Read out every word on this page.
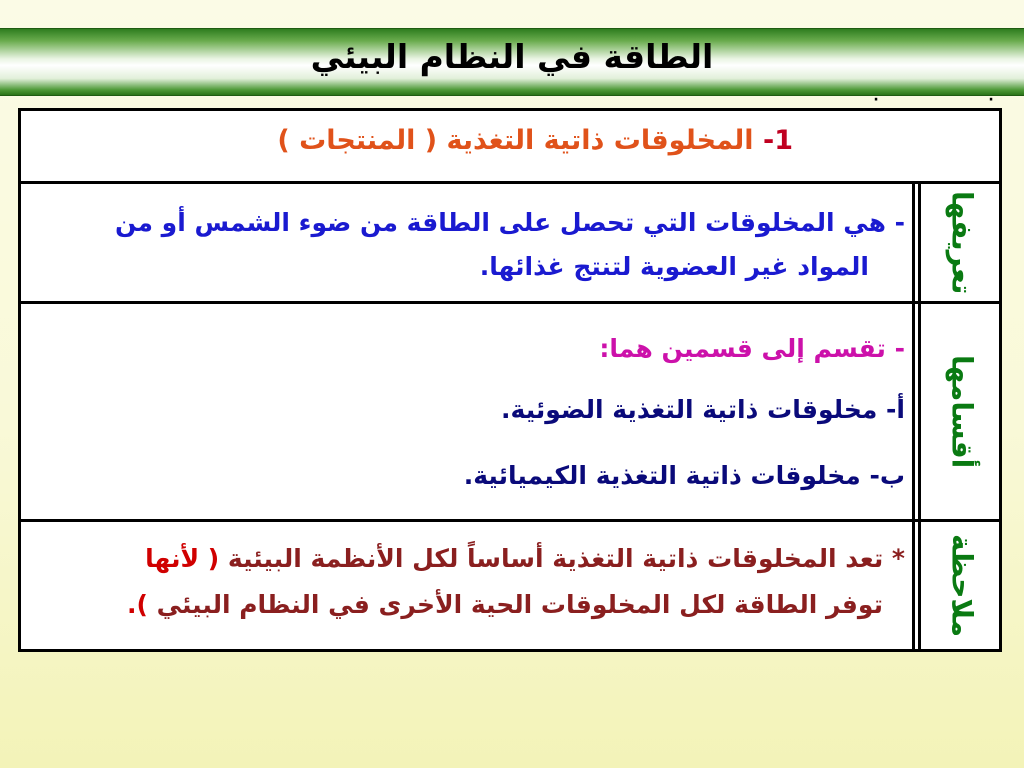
الطاقة في النظام البيئي
·	·

1- المخلوقات ذاتية التغذية ( المنتجات )
تعريفها
- هي المخلوقات التي تحصل على الطاقة من ضوء الشمس أو من
المواد غير العضوية لتنتج غذائها.
أقسامها
- تقسم إلى قسمين هما:
أ- مخلوقات ذاتية التغذية الضوئية.
ب- مخلوقات ذاتية التغذية الكيميائية.
ملاحظة
* تعد المخلوقات ذاتية التغذية أساساً لكل الأنظمة البيئية ( لأنها
توفر الطاقة لكل المخلوقات الحية الأخرى في النظام البيئي ).
